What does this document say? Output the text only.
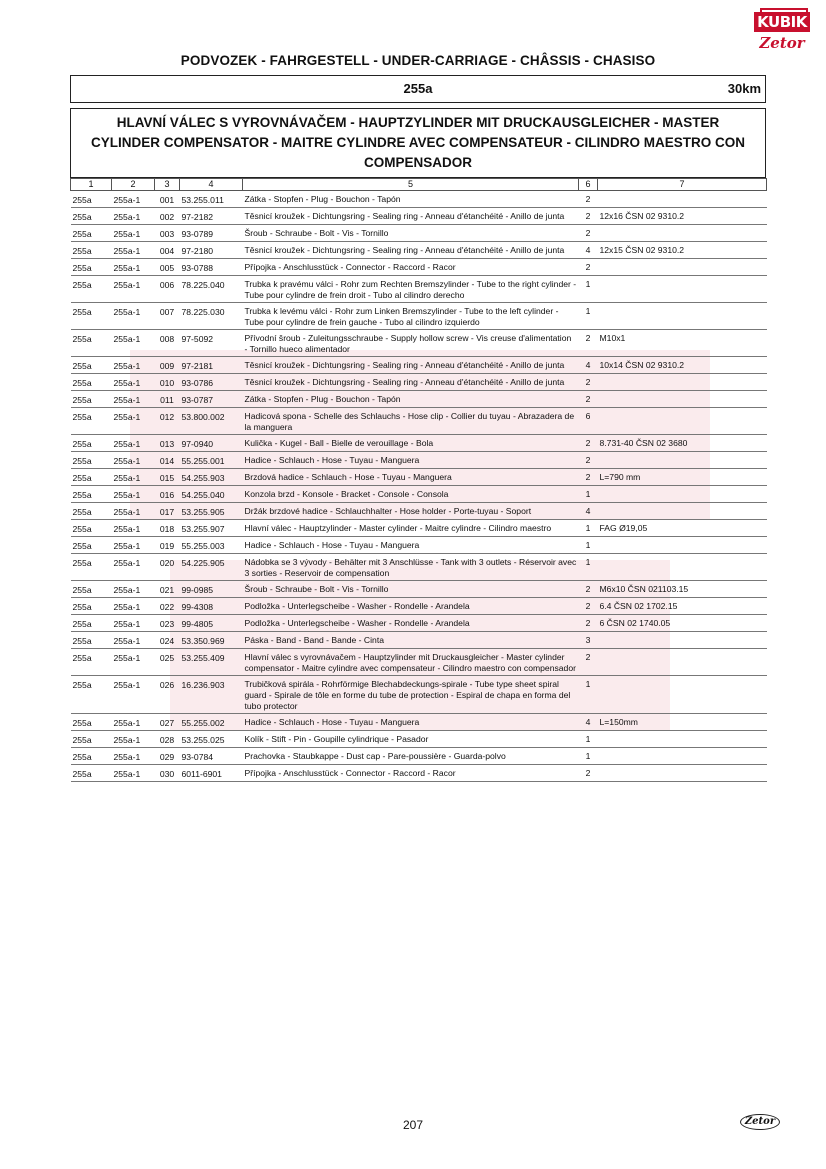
KUBIK
Zetor
PODVOZEK - FAHRGESTELL - UNDER-CARRIAGE - CHÂSSIS - CHASISO
255a	30km
HLAVNÍ VÁLEC S VYROVNÁVAČEM - HAUPTZYLINDER MIT DRUCKAUSGLEICHER - MASTER CYLINDER COMPENSATOR - MAITRE CYLINDRE AVEC COMPENSATEUR - CILINDRO MAESTRO CON COMPENSADOR
1	2	3	4	5	6	7
255a	255a-1	001	53.255.011	Zátka - Stopfen - Plug - Bouchon - Tapón	2	
255a	255a-1	002	97-2182	Těsnicí kroužek - Dichtungsring - Sealing ring - Anneau d'étanchéité - Anillo de junta	2	12x16 ČSN 02 9310.2
255a	255a-1	003	93-0789	Šroub - Schraube - Bolt - Vis - Tornillo	2	
255a	255a-1	004	97-2180	Těsnicí kroužek - Dichtungsring - Sealing ring - Anneau d'étanchéité - Anillo de junta	4	12x15 ČSN 02 9310.2
255a	255a-1	005	93-0788	Přípojka - Anschlusstück - Connector - Raccord - Racor	2	
255a	255a-1	006	78.225.040	Trubka k pravému válci - Rohr zum Rechten Bremszylinder - Tube to the right cylinder - Tube pour cylindre de frein droit - Tubo al cilindro derecho	1	
255a	255a-1	007	78.225.030	Trubka k levému válci - Rohr zum Linken Bremszylinder - Tube to the left cylinder - Tube pour cylindre de frein gauche - Tubo al cilindro izquierdo	1	
255a	255a-1	008	97-5092	Přívodní šroub - Zuleitungsschraube - Supply hollow screw - Vis creuse d'alimentation - Tornillo hueco alimentador	2	M10x1
255a	255a-1	009	97-2181	Těsnicí kroužek - Dichtungsring - Sealing ring - Anneau d'étanchéité - Anillo de junta	4	10x14 ČSN 02 9310.2
255a	255a-1	010	93-0786	Těsnicí kroužek - Dichtungsring - Sealing ring - Anneau d'étanchéité - Anillo de junta	2	
255a	255a-1	011	93-0787	Zátka - Stopfen - Plug - Bouchon - Tapón	2	
255a	255a-1	012	53.800.002	Hadicová spona - Schelle des Schlauchs - Hose clip - Collier du tuyau - Abrazadera de la manguera	6	
255a	255a-1	013	97-0940	Kulička - Kugel - Ball - Bielle de verouillage - Bola	2	8.731-40 ČSN 02 3680
255a	255a-1	014	55.255.001	Hadice - Schlauch - Hose - Tuyau - Manguera	2	
255a	255a-1	015	54.255.903	Brzdová hadice - Schlauch - Hose - Tuyau - Manguera	2	L=790 mm
255a	255a-1	016	54.255.040	Konzola brzd - Konsole - Bracket - Console - Consola	1	
255a	255a-1	017	53.255.905	Držák brzdové hadice - Schlauchhalter - Hose holder - Porte-tuyau - Soport	4	
255a	255a-1	018	53.255.907	Hlavní válec - Hauptzylinder - Master cylinder - Maitre cylindre - Cilindro maestro	1	FAG Ø19,05
255a	255a-1	019	55.255.003	Hadice - Schlauch - Hose - Tuyau - Manguera	1	
255a	255a-1	020	54.225.905	Nádobka se 3 vývody - Behälter mit 3 Anschlüsse - Tank with 3 outlets - Réservoir avec 3 sorties - Reservoir de compensation	1	
255a	255a-1	021	99-0985	Šroub - Schraube - Bolt - Vis - Tornillo	2	M6x10 ČSN 021103.15
255a	255a-1	022	99-4308	Podložka - Unterlegscheibe - Washer - Rondelle - Arandela	2	6.4 ČSN 02 1702.15
255a	255a-1	023	99-4805	Podložka - Unterlegscheibe - Washer - Rondelle - Arandela	2	6 ČSN 02 1740.05
255a	255a-1	024	53.350.969	Páska - Band - Band - Bande - Cinta	3	
255a	255a-1	025	53.255.409	Hlavní válec s vyrovnávačem - Hauptzylinder mit Druckausgleicher - Master cylinder compensator - Maitre cylindre avec compensateur - Cilindro maestro con compensador	2	
255a	255a-1	026	16.236.903	Trubičková spirála - Rohrförmige Blechabdeckungs-spirale - Tube type sheet spiral guard - Spirale de tôle en forme du tube de protection - Espiral de chapa en forma del tubo protector	1	
255a	255a-1	027	55.255.002	Hadice - Schlauch - Hose - Tuyau - Manguera	4	L=150mm
255a	255a-1	028	53.255.025	Kolík - Stift - Pin - Goupille cylindrique - Pasador	1	
255a	255a-1	029	93-0784	Prachovka - Staubkappe - Dust cap - Pare-poussière - Guarda-polvo	1	
255a	255a-1	030	6011-6901	Přípojka - Anschlusstück - Connector - Raccord - Racor	2	
207	Zetor
